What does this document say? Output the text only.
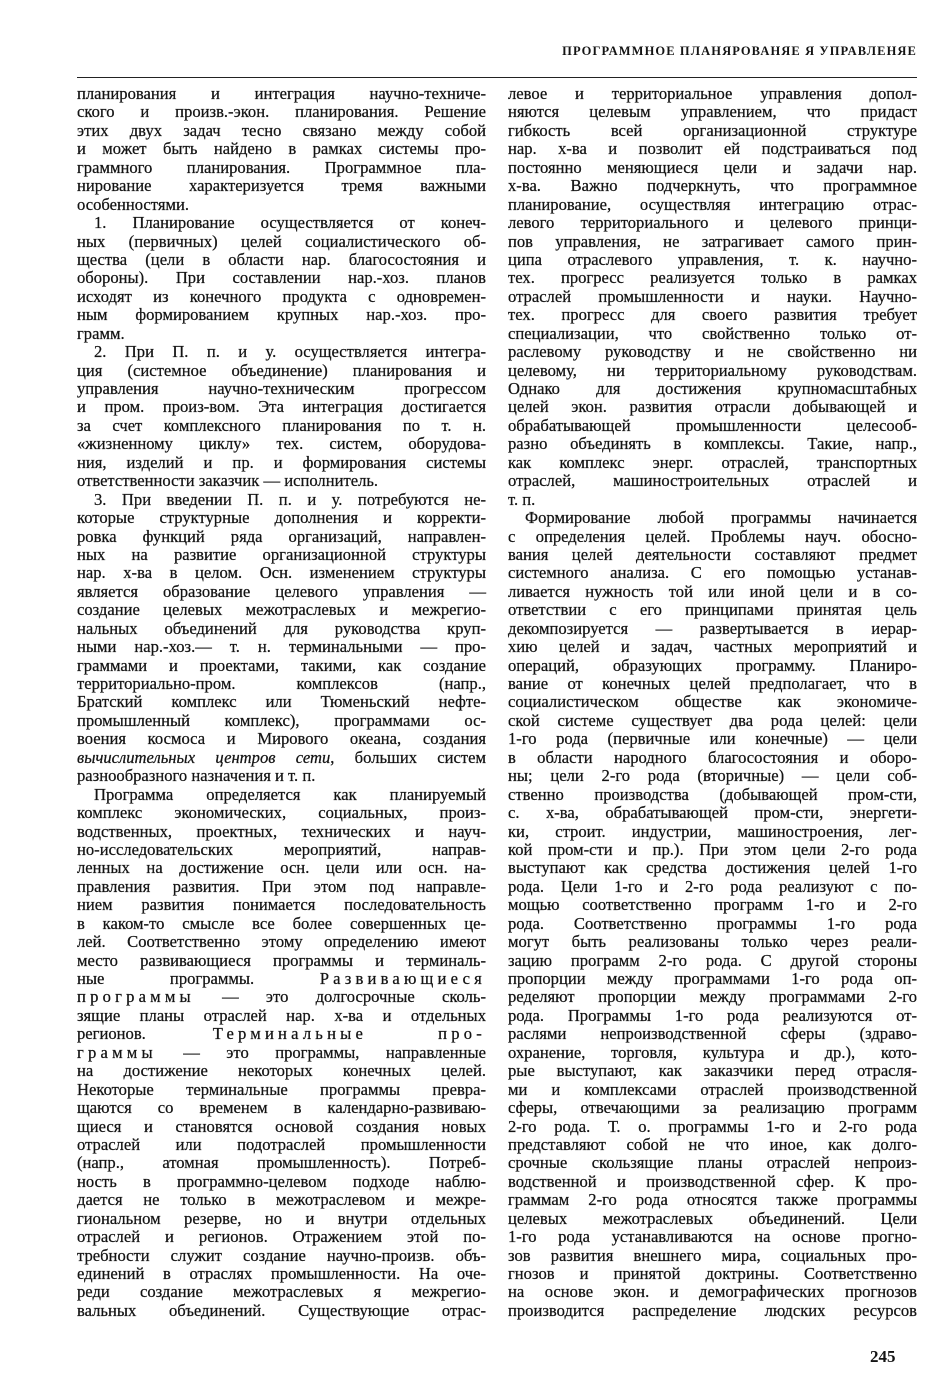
ПРОГРАММНОЕ ПЛАНЯРОВАНЯЕ Я УПРАВЛЕНЯЕ
планирования и интеграция научно-техниче-
ского и произв.-экон. планирования. Решение
этих двух задач тесно связано между собой
и может быть найдено в рамках системы про-
граммного планирования. Программное пла-
нирование характеризуется тремя важными
особенностями.
1. Планирование осуществляется от конеч-
ных (первичных) целей социалистического об-
щества (цели в области нар. благосостояния и
обороны). При составлении нар.-хоз. планов
исходят из конечного продукта с одновремен-
ным формированием крупных нар.-хоз. про-
грамм.
2. При П. п. и у. осуществляется интегра-
ция (системное объединение) планирования и
управления научно-техническим прогрессом
и пром. произ-вом. Эта интеграция достигается
за счет комплексного планирования по т. н.
«жизненному циклу» тех. систем, оборудова-
ния, изделий и пр. и формирования системы
ответственности заказчик — исполнитель.
3. При введении П. п. и у. потребуются не-
которые структурные дополнения и корректи-
ровка функций ряда организаций, направлен-
ных на развитие организационной структуры
нар. х-ва в целом. Осн. изменением структуры
является образование целевого управления —
создание целевых межотраслевых и межрегио-
нальных объединений для руководства круп-
ными нар.-хоз.— т. н. терминальными — про-
граммами и проектами, такими, как создание
территориально-пром. комплексов (напр.,
Братский комплекс или Тюменьский нефте-
промышленный комплекс), программами ос-
воения космоса и Мирового океана, создания
вычислительных центров сети, больших систем
разнообразного назначения и т. п.
Программа определяется как планируемый
комплекс экономических, социальных, произ-
водственных, проектных, технических и науч-
но-исследовательских мероприятий, направ-
ленных на достижение осн. цели или осн. на-
правления развития. При этом под направле-
нием развития понимается последовательность
в каком-то смысле все более совершенных це-
лей. Соответственно этому определению имеют
место развивающиеся программы и терминаль-
ные программы. Развивающиеся
программы — это долгосрочные сколь-
зящие планы отраслей нар. х-ва и отдельных
регионов. Терминальные про-
граммы — это программы, направленные
на достижение некоторых конечных целей.
Некоторые терминальные программы превра-
щаются со временем в календарно-развиваю-
щиеся и становятся основой создания новых
отраслей или подотраслей промышленности
(напр., атомная промышленность). Потреб-
ность в программно-целевом подходе наблю-
дается не только в межотраслевом и межре-
гиональном резерве, но и внутри отдельных
отраслей и регионов. Отражением этой по-
требности служит создание научно-произв. объ-
единений в отраслях промышленности. На оче-
реди создание межотраслевых я межрегио-
вальных объединений. Существующие отрас-
левое и территориальное управления допол-
няются целевым управлением, что придаст
гибкость всей организационной структуре
нар. х-ва и позволит ей подстраиваться под
постоянно меняющиеся цели и задачи нар.
х-ва. Важно подчеркнуть, что программное
планирование, осуществляя интеграцию отрас-
левого территориального и целевого принци-
пов управления, не затрагивает самого прин-
ципа отраслевого управления, т. к. научно-
тех. прогресс реализуется только в рамках
отраслей промышленности и науки. Научно-
тех. прогресс для своего развития требует
специализации, что свойственно только от-
раслевому руководству и не свойственно ни
целевому, ни территориальному руководствам.
Однако для достижения крупномасштабных
целей экон. развития отрасли добывающей и
обрабатывающей промышленности целесооб-
разно объединять в комплексы. Такие, напр.,
как комплекс энерг. отраслей, транспортных
отраслей, машиностроительных отраслей и
т. п.
Формирование любой программы начинается
с определения целей. Проблемы науч. обосно-
вания целей деятельности составляют предмет
системного анализа. С его помощью устанав-
ливается нужность той или иной цели и в со-
ответствии с его принципами принятая цель
декомпозируется — развертывается в иерар-
хию целей и задач, частных мероприятий и
операций, образующих программу. Планиро-
вание от конечных целей предполагает, что в
социалистическом обществе как экономиче-
ской системе существует два рода целей: цели
1-го рода (первичные или конечные) — цели
в области народного благосостояния и оборо-
ны; цели 2-го рода (вторичные) — цели соб-
ственно производства (добывающей пром-сти,
с. х-ва, обрабатывающей пром-сти, энергети-
ки, строит. индустрии, машиностроения, лег-
кой пром-сти и пр.). При этом цели 2-го рода
выступают как средства достижения целей 1-го
рода. Цели 1-го и 2-го рода реализуют с по-
мощью соответственно программ 1-го и 2-го
рода. Соответственно программы 1-го рода
могут быть реализованы только через реали-
зацию программ 2-го рода. С другой стороны
пропорции между программами 1-го рода оп-
ределяют пропорции между программами 2-го
рода. Программы 1-го рода реализуются от-
раслями непроизводственной сферы (здраво-
охранение, торговля, культура и др.), кото-
рые выступают, как заказчики перед отрасля-
ми и комплексами отраслей производственной
сферы, отвечающими за реализацию программ
2-го рода. Т. о. программы 1-го и 2-го рода
представляют собой не что иное, как долго-
срочные скользящие планы отраслей непроиз-
водственной и производственной сфер. К про-
граммам 2-го рода относятся также программы
целевых межотраслевых объединений. Цели
1-го рода устанавливаются на основе прогно-
зов развития внешнего мира, социальных про-
гнозов и принятой доктрины. Соответственно
на основе экон. и демографических прогнозов
производится распределение людских ресурсов
245
